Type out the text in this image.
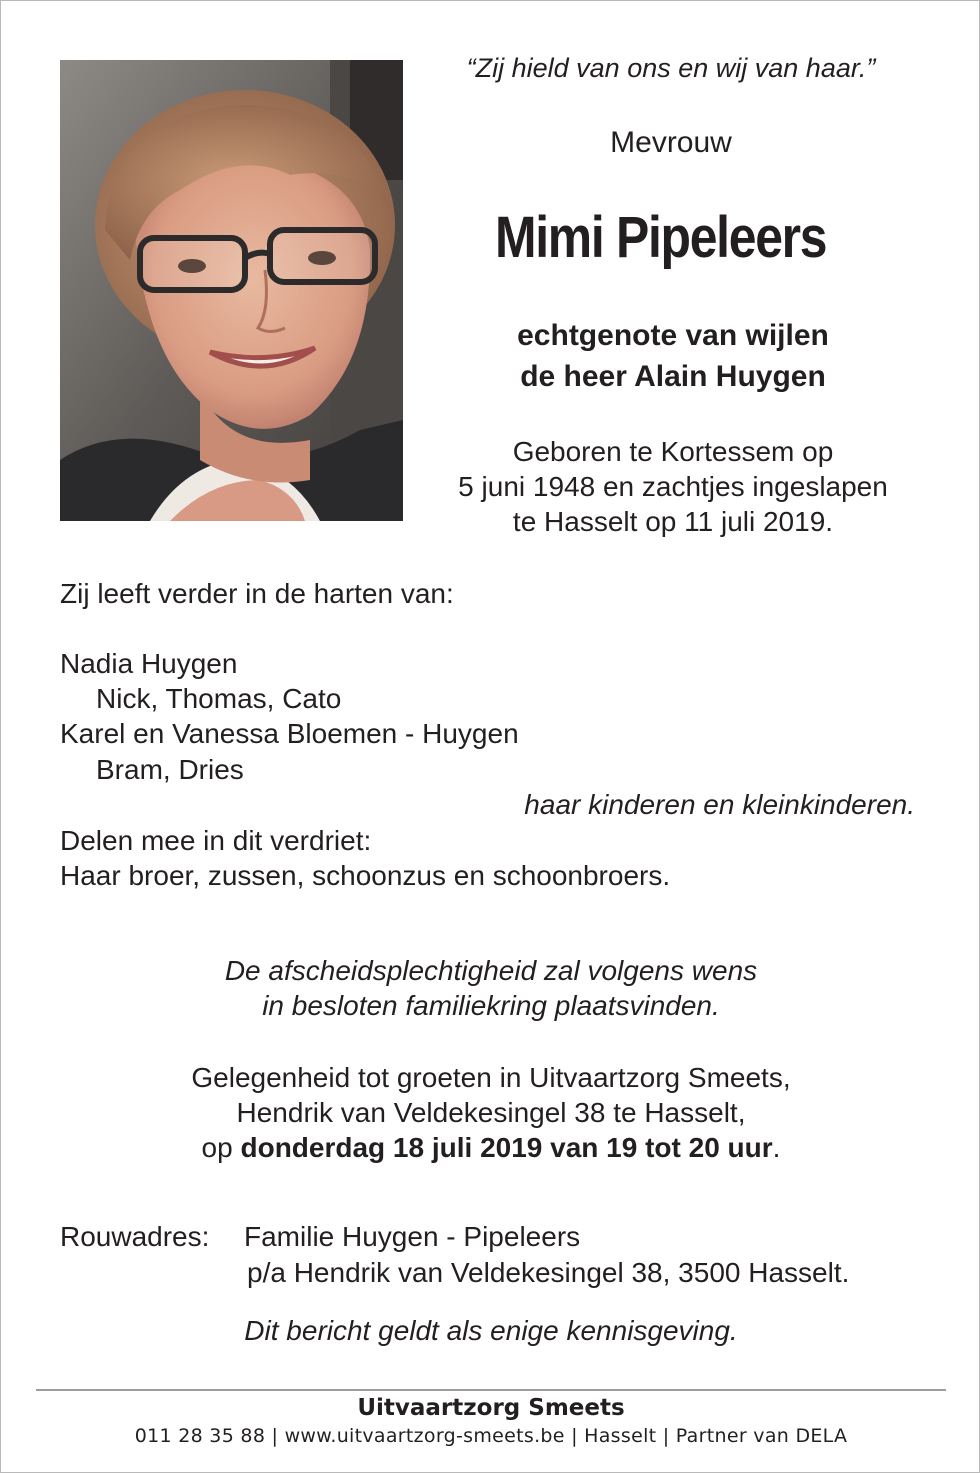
“Zij hield van ons en wij van haar.”

Mevrouw

Mimi Pipeleers

echtgenote van wijlen
de heer Alain Huygen
Geboren te Kortessem op
5 juni 1948 en zachtjes ingeslapen
te Hasselt op 11 juli 2019.

Zij leeft verder in de harten van:

Nadia Huygen

Nick, Thomas, Cato

Karel en Vanessa Bloemen - Huygen

Bram, Dries

haar kinderen en kleinkinderen.

Delen mee in dit verdriet:

Haar broer, zussen, schoonzus en schoonbroers.

De afscheidsplechtigheid zal volgens wens

in besloten familiekring plaatsvinden.

Gelegenheid tot groeten in Uitvaartzorg Smeets,

Hendrik van Veldekesingel 38 te Hasselt,

op donderdag 18 juli 2019 van 19 tot 20 uur.

Rouwadres: Familie Huygen - Pipeleers

p/a Hendrik van Veldekesingel 38, 3500 Hasselt.

Dit bericht geldt als enige kennisgeving.

Uitvaartzorg Smeets

011 28 35 88 | www.uitvaartzorg-smeets.be | Hasselt | Partner van DELA
